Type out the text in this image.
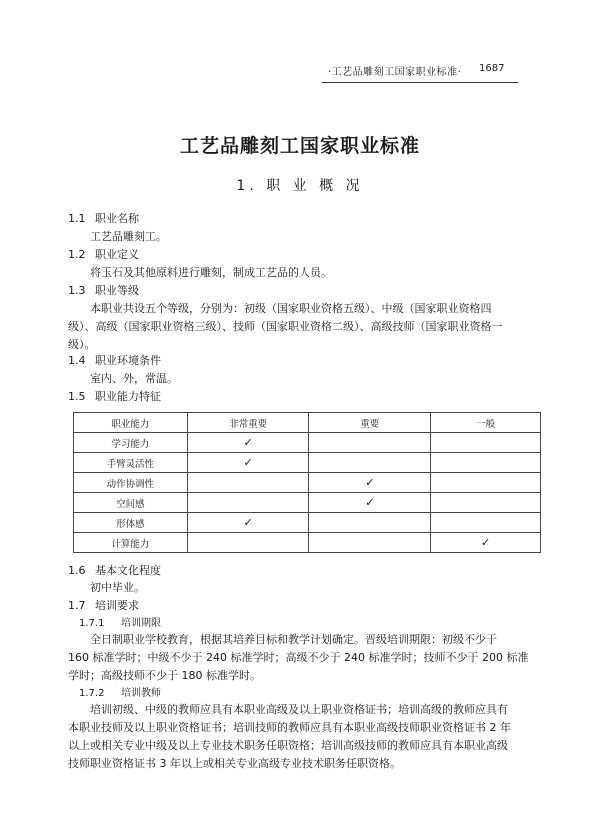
·工艺品雕刻工国家职业标准· 1687
工艺品雕刻工国家职业标准
1. 职 业 概 况
1.1 职业名称
工艺品雕刻工。
1.2 职业定义
将玉石及其他原料进行雕刻，制成工艺品的人员。
1.3 职业等级
本职业共设五个等级，分别为：初级（国家职业资格五级）、中级（国家职业资格四
级）、高级（国家职业资格三级）、技师（国家职业资格二级）、高级技师（国家职业资格一
级）。
1.4 职业环境条件
室内、外，常温。
1.5 职业能力特征
职业能力	非常重要	重要	一般
学习能力	✓		
手臂灵活性	✓		
动作协调性		✓	
空间感		✓	
形体感	✓		
计算能力			✓
1.6 基本文化程度
初中毕业。
1.7 培训要求
1.7.1 培训期限
全日制职业学校教育，根据其培养目标和教学计划确定。晋级培训期限：初级不少于
160 标准学时；中级不少于 240 标准学时；高级不少于 240 标准学时；技师不少于 200 标准
学时；高级技师不少于 180 标准学时。
1.7.2 培训教师
培训初级、中级的教师应具有本职业高级及以上职业资格证书；培训高级的教师应具有
本职业技师及以上职业资格证书；培训技师的教师应具有本职业高级技师职业资格证书 2 年
以上或相关专业中级及以上专业技术职务任职资格；培训高级技师的教师应具有本职业高级
技师职业资格证书 3 年以上或相关专业高级专业技术职务任职资格。
